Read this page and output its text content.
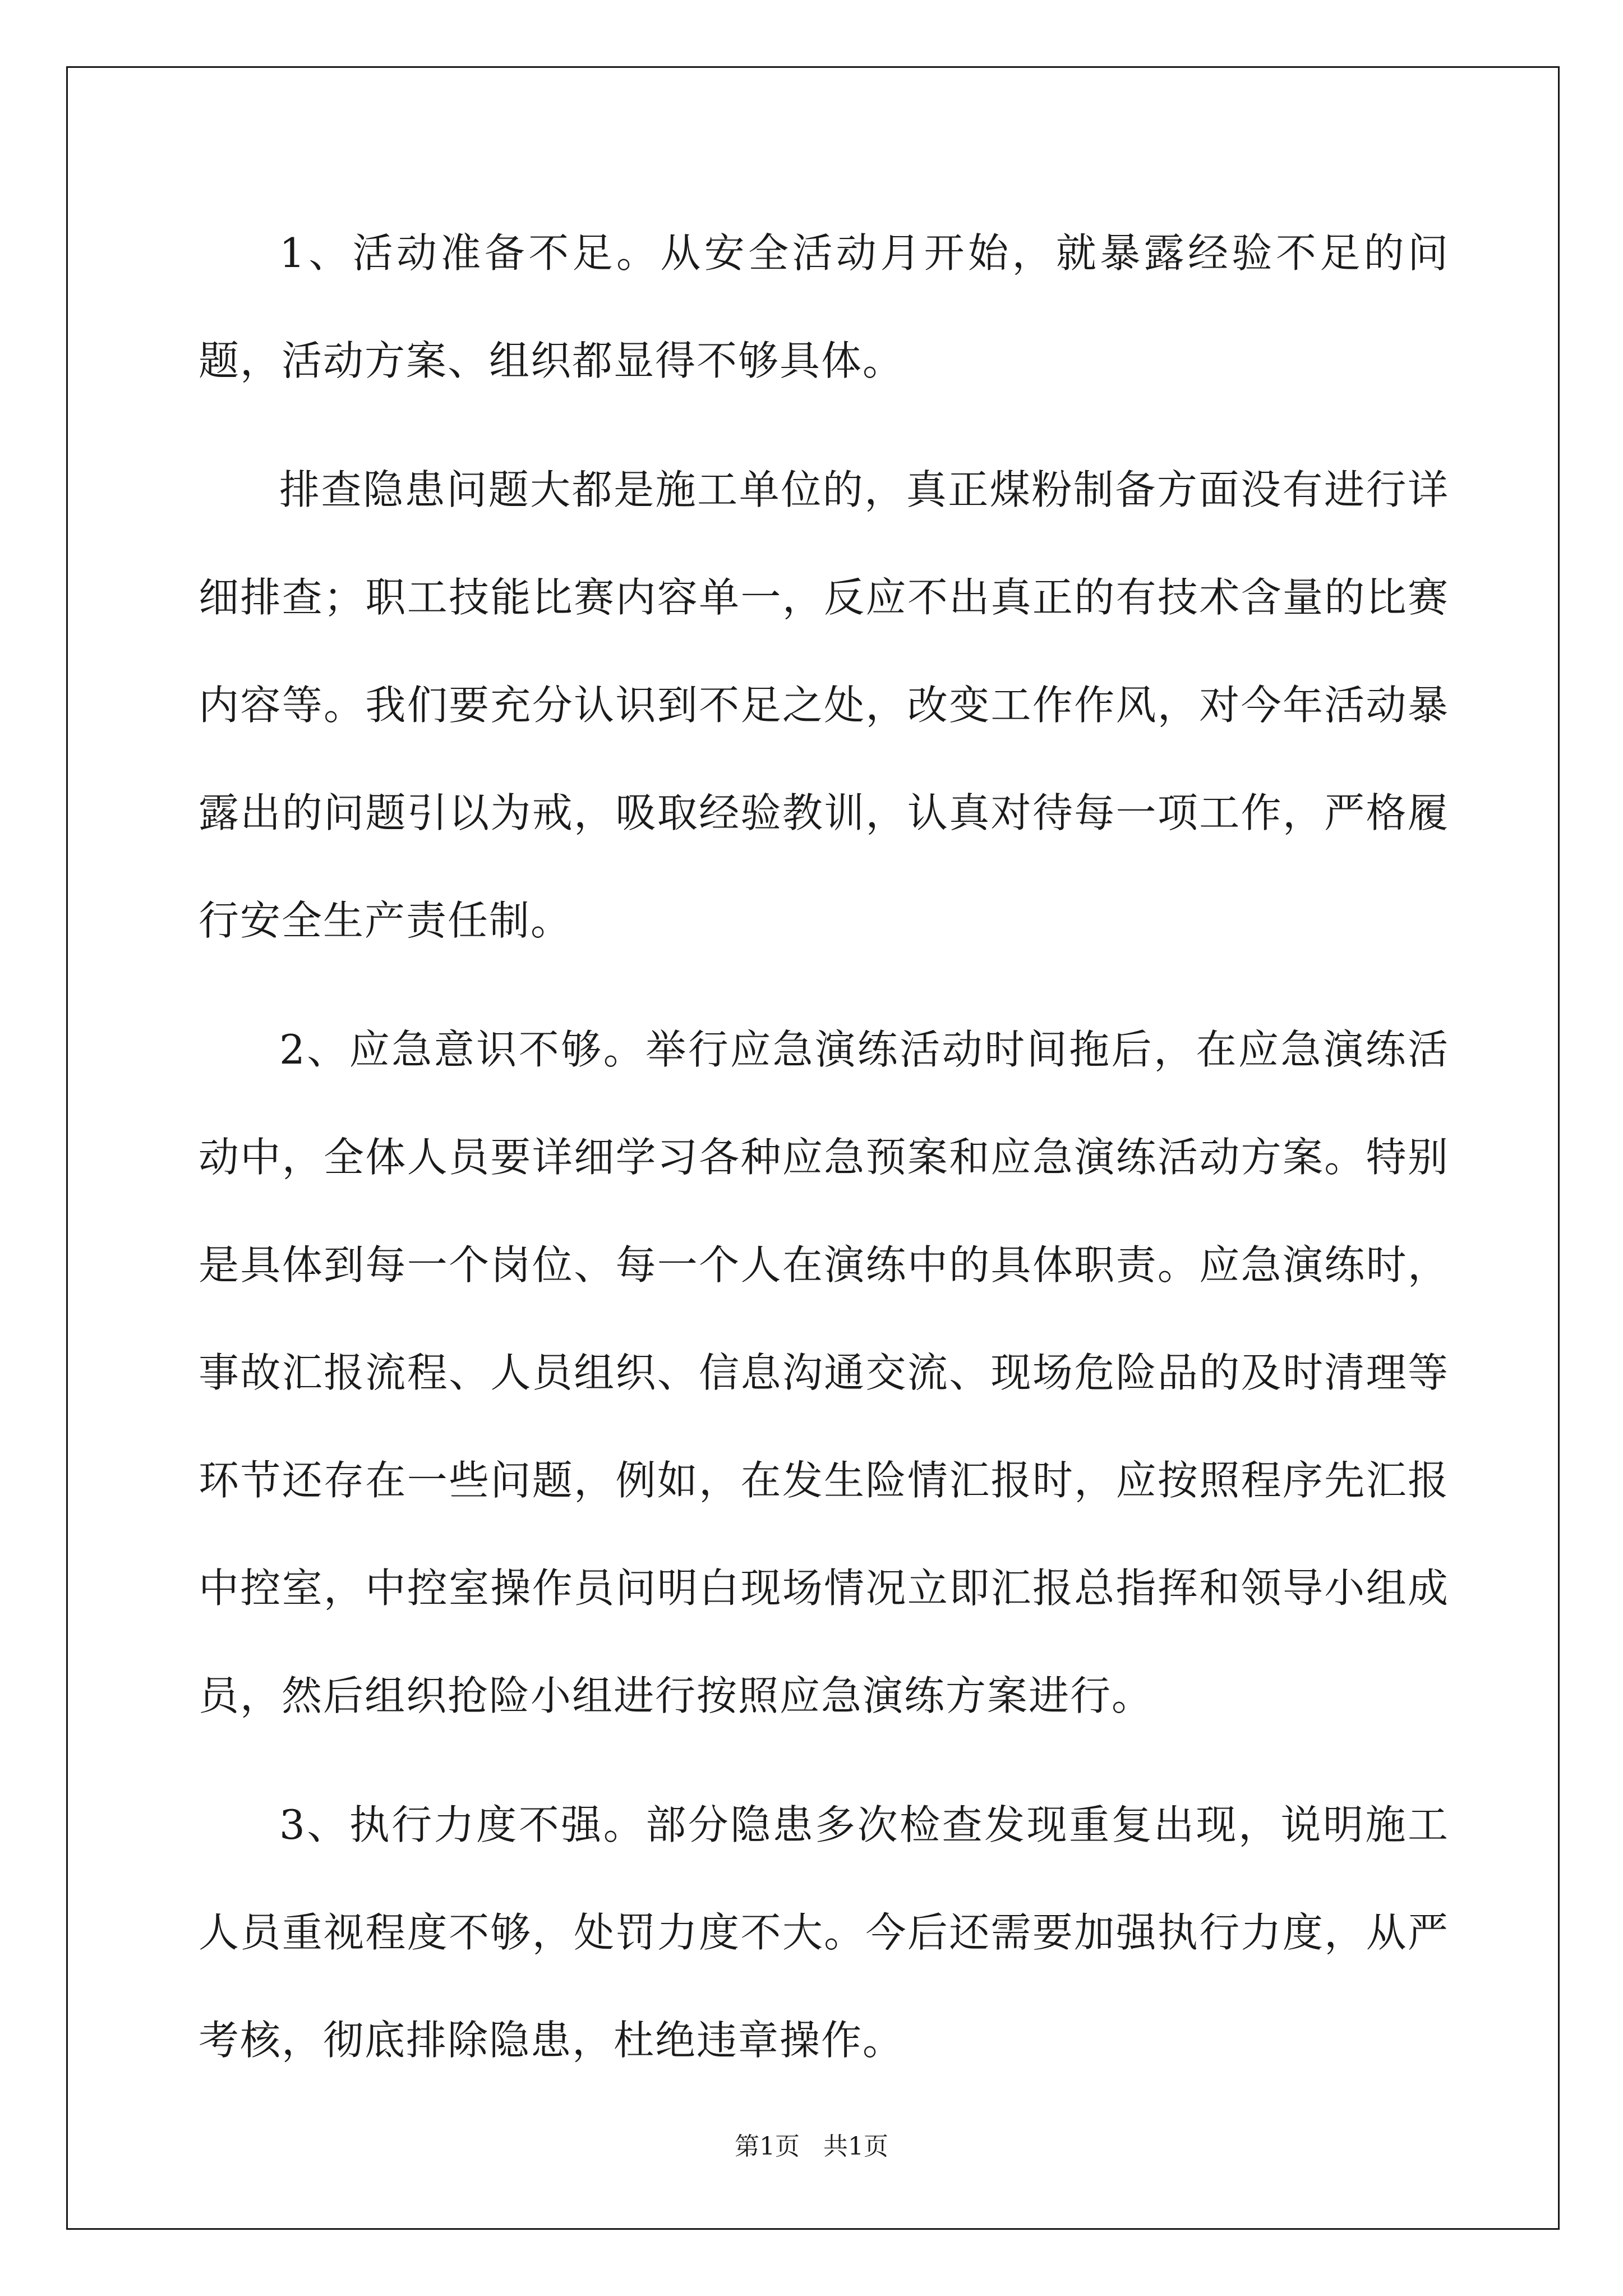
1、活动准备不足。从安全活动月开始，就暴露经验不足的问题，活动方案、组织都显得不够具体。

排查隐患问题大都是施工单位的，真正煤粉制备方面没有进行详细排查；职工技能比赛内容单一，反应不出真正的有技术含量的比赛内容等。我们要充分认识到不足之处，改变工作作风，对今年活动暴露出的问题引以为戒，吸取经验教训，认真对待每一项工作，严格履行安全生产责任制。

2、应急意识不够。举行应急演练活动时间拖后，在应急演练活动中，全体人员要详细学习各种应急预案和应急演练活动方案。特别是具体到每一个岗位、每一个人在演练中的具体职责。应急演练时，事故汇报流程、人员组织、信息沟通交流、现场危险品的及时清理等环节还存在一些问题，例如，在发生险情汇报时，应按照程序先汇报中控室，中控室操作员问明白现场情况立即汇报总指挥和领导小组成员，然后组织抢险小组进行按照应急演练方案进行。

3、执行力度不强。部分隐患多次检查发现重复出现，说明施工人员重视程度不够，处罚力度不大。今后还需要加强执行力度，从严考核，彻底排除隐患，杜绝违章操作。

第1页   共1页
